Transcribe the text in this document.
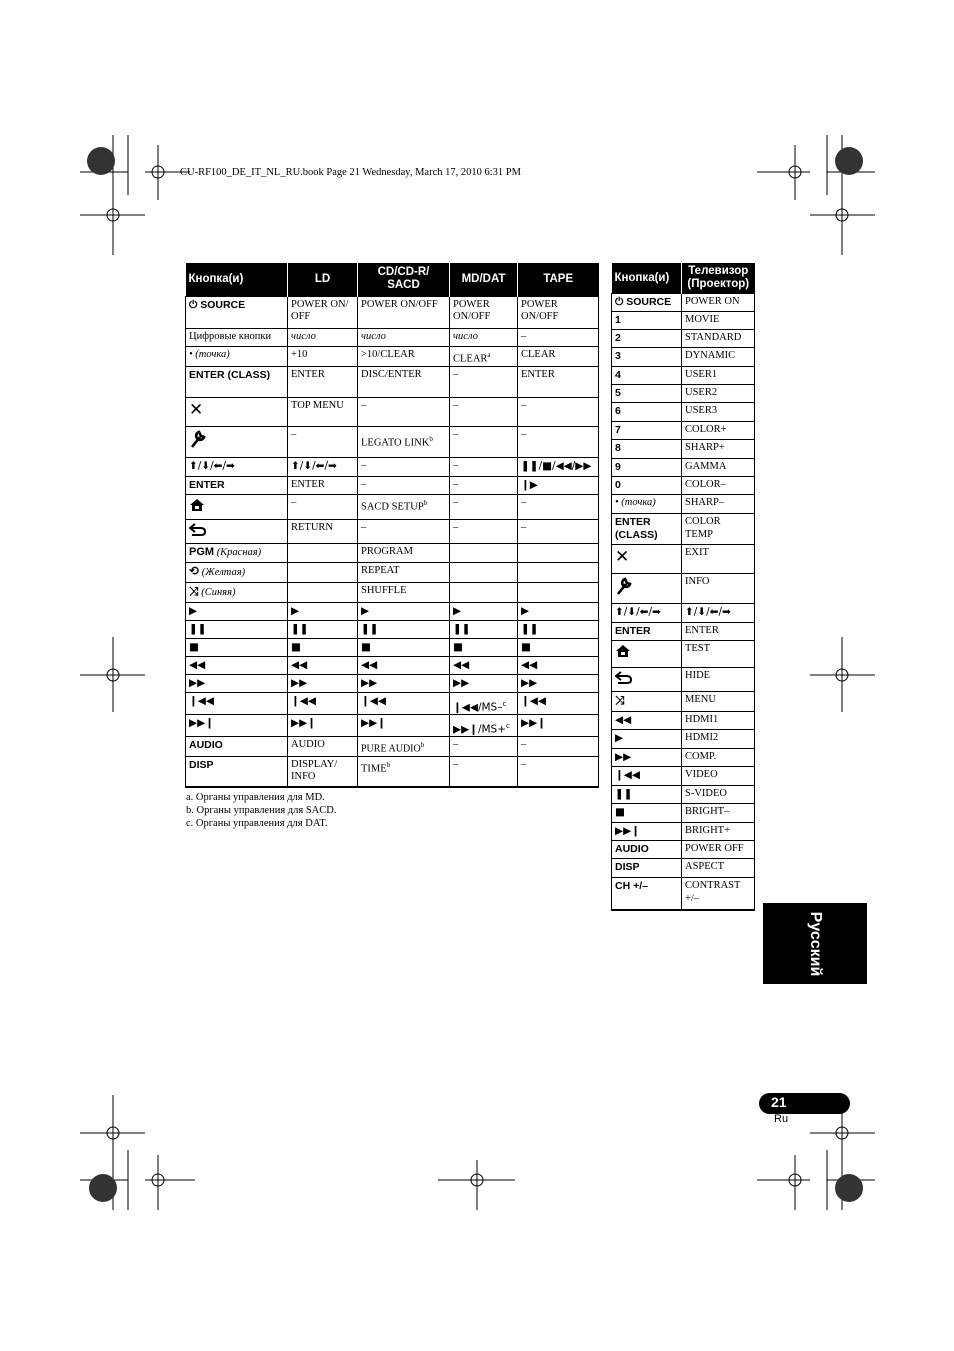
CU-RF100_DE_IT_NL_RU.book Page 21 Wednesday, March 17, 2010 6:31 PM
Кнопка(и)	LD	CD/CD-R/ SACD	MD/DAT	TAPE
⏻ SOURCE	POWER ON/ OFF	POWER ON/OFF	POWER ON/OFF	POWER ON/OFF
Цифровые кнопки	число	число	число	–
• (точка)	+10	>10/CLEAR	CLEAR$^a$	CLEAR
ENTER (CLASS)	ENTER	DISC/ENTER	–	ENTER
✕	TOP MENU	–	–	–
	–	LEGATO LINK$^b$	–	–
⬆/⬇/⬅/➡	⬆/⬇/⬅/➡	–	–	❚❚/■/◀◀/▶▶
ENTER	ENTER	–	–	❙▶
	–	SACD SETUP$^b$	–	–
	RETURN	–	–	–
PGM (Красная)		PROGRAM		
⟲ (Желтая)		REPEAT		
⤨ (Синяя)		SHUFFLE		
▶	▶	▶	▶	▶
❚❚	❚❚	❚❚	❚❚	❚❚
■	■	■	■	■
◀◀	◀◀	◀◀	◀◀	◀◀
▶▶	▶▶	▶▶	▶▶	▶▶
❙◀◀	❙◀◀	❙◀◀	❙◀◀/MS–$^c$	❙◀◀
▶▶❙	▶▶❙	▶▶❙	▶▶❙/MS+$^c$	▶▶❙
AUDIO	AUDIO	PURE AUDIO$^b$	–	–
DISP	DISPLAY/ INFO	TIME$^b$	–	–
a. Органы управления для MD.
b. Органы управления для SACD.
c. Органы управления для DAT.
Кнопка(и)	Телевизор (Проектор)
⏻ SOURCE	POWER ON
1	MOVIE
2	STANDARD
3	DYNAMIC
4	USER1
5	USER2
6	USER3
7	COLOR+
8	SHARP+
9	GAMMA
0	COLOR–
• (точка)	SHARP–
ENTER (CLASS)	COLOR TEMP
✕	EXIT
	INFO
⬆/⬇/⬅/➡	⬆/⬇/⬅/➡
ENTER	ENTER
	TEST
	HIDE
⤨	MENU
◀◀	HDMI1
▶	HDMI2
▶▶	COMP.
❙◀◀	VIDEO
❚❚	S-VIDEO
■	BRIGHT–
▶▶❙	BRIGHT+
AUDIO	POWER OFF
DISP	ASPECT
CH +/–	CONTRAST +/–
Русский
21
Ru
